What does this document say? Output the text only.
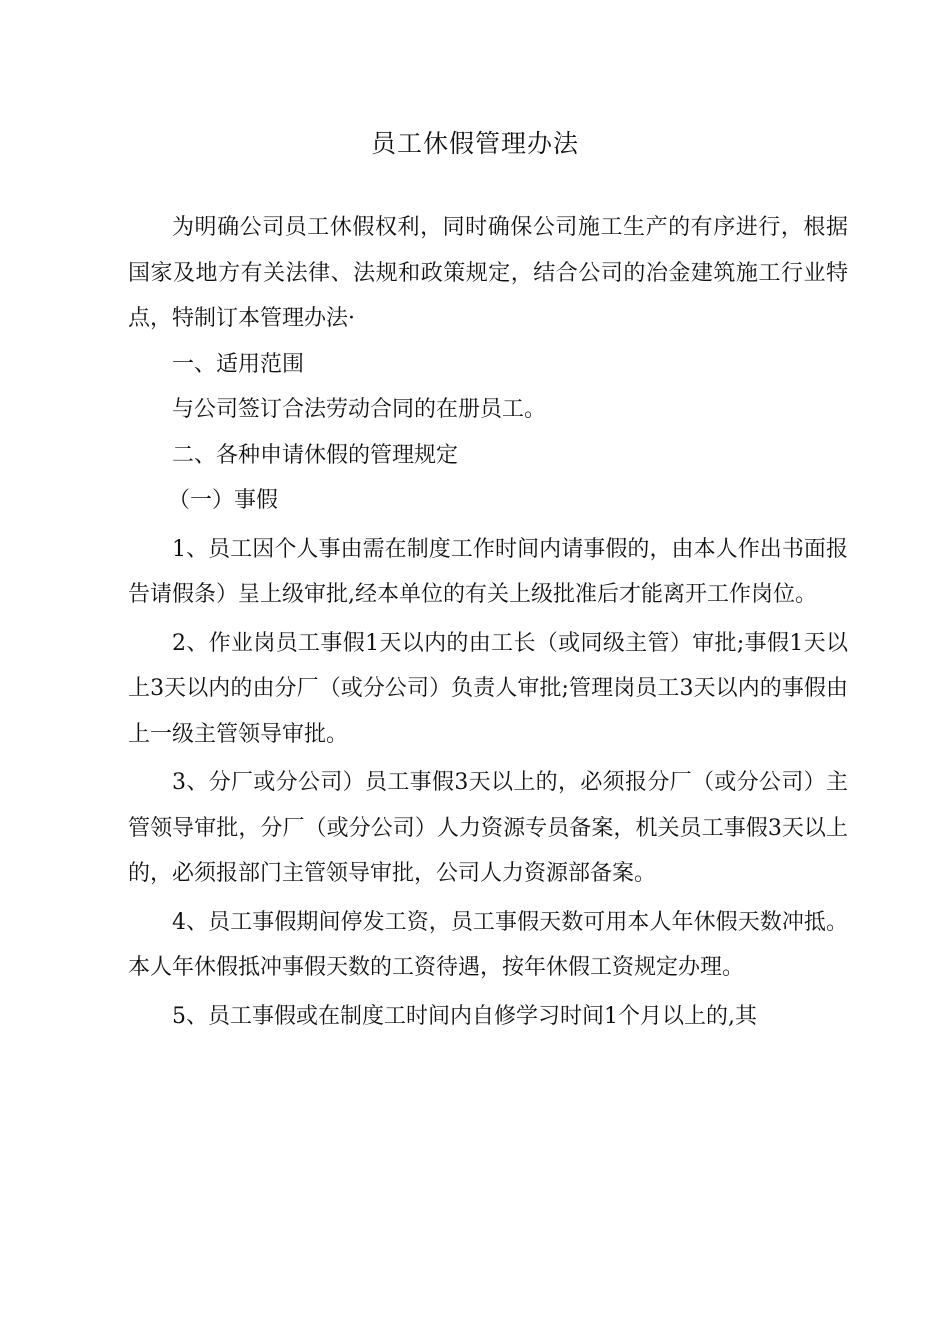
员工休假管理办法

为明确公司员工休假权利，同时确保公司施工生产的有序进行，根据国家及地方有关法律、法规和政策规定，结合公司的冶金建筑施工行业特点，特制订本管理办法·

一、适用范围

与公司签订合法劳动合同的在册员工。

二、各种申请休假的管理规定

（一）事假

1、员工因个人事由需在制度工作时间内请事假的，由本人作出书面报告请假条）呈上级审批,经本单位的有关上级批准后才能离开工作岗位。

2、作业岗员工事假1天以内的由工长（或同级主管）审批;事假1天以上3天以内的由分厂（或分公司）负责人审批;管理岗员工3天以内的事假由上一级主管领导审批。

3、分厂或分公司）员工事假3天以上的，必须报分厂（或分公司）主管领导审批，分厂（或分公司）人力资源专员备案，机关员工事假3天以上的，必须报部门主管领导审批，公司人力资源部备案。

4、员工事假期间停发工资，员工事假天数可用本人年休假天数冲抵。本人年休假抵冲事假天数的工资待遇，按年休假工资规定办理。

5、员工事假或在制度工时间内自修学习时间1个月以上的,其
